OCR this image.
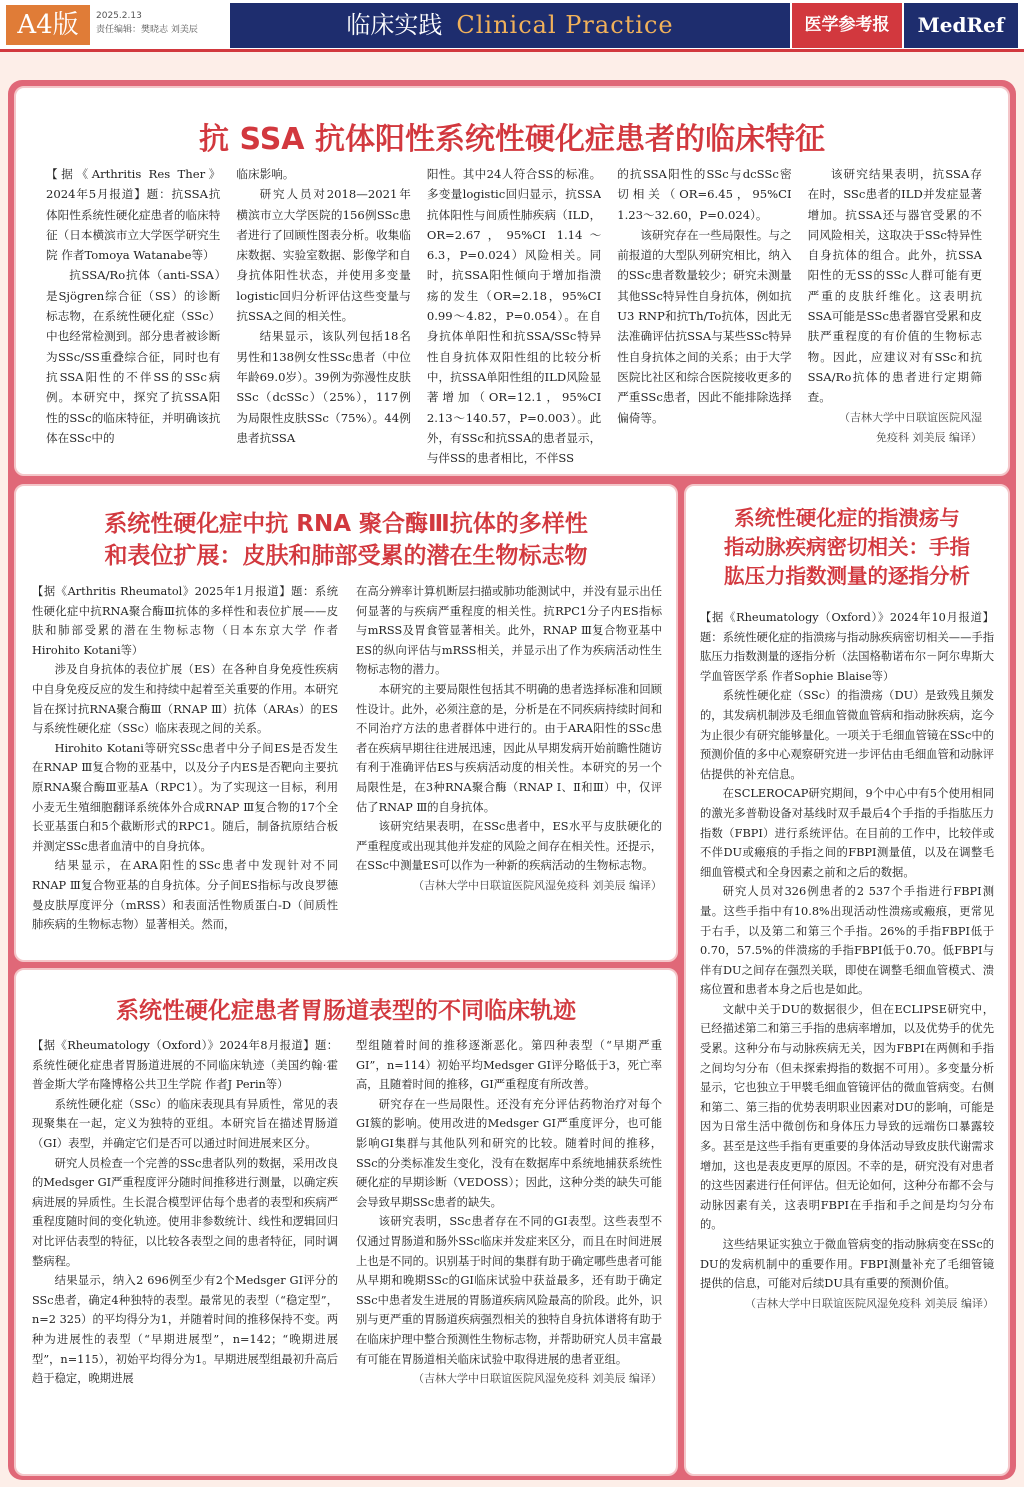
A4版	2025.2.13
责任编辑：樊晓志 刘美辰	临床实践 Clinical Practice	医学参考报	MedRef
抗 SSA 抗体阳性系统性硬化症患者的临床特征

【据《Arthritis Res Ther》2024年5月报道】题：抗SSA抗体阳性系统性硬化症患者的临床特征（日本横滨市立大学医学研究生院 作者Tomoya Watanabe等）

抗SSA/Ro抗体（anti-SSA）是Sjögren综合征（SS）的诊断标志物，在系统性硬化症（SSc）中也经常检测到。部分患者被诊断为SSc/SS重叠综合征，同时也有抗SSA阳性的不伴SS的SSc病例。本研究中，探究了抗SSA阳性的SSc的临床特征，并明确该抗体在SSc中的

临床影响。

研究人员对2018—2021年横滨市立大学医院的156例SSc患者进行了回顾性图表分析。收集临床数据、实验室数据、影像学和自身抗体阳性状态，并使用多变量logistic回归分析评估这些变量与抗SSA之间的相关性。

结果显示，该队列包括18名男性和138例女性SSc患者（中位年龄69.0岁）。39例为弥漫性皮肤SSc（dcSSc）（25%），117例为局限性皮肤SSc（75%）。44例患者抗SSA

阳性。其中24人符合SS的标准。多变量logistic回归显示，抗SSA抗体阳性与间质性肺疾病（ILD，OR=2.67，95%CI 1.14～6.3，P=0.024）风险相关。同时，抗SSA阳性倾向于增加指溃疡的发生（OR=2.18，95%CI 0.99～4.82，P=0.054）。在自身抗体单阳性和抗SSA/SSc特异性自身抗体双阳性组的比较分析中，抗SSA单阳性组的ILD风险显著增加（OR=12.1，95%CI 2.13～140.57，P=0.003）。此外，有SSc和抗SSA的患者显示，与伴SS的患者相比，不伴SS

的抗SSA阳性的SSc与dcSSc密切相关（OR=6.45，95%CI 1.23～32.60，P=0.024）。

该研究存在一些局限性。与之前报道的大型队列研究相比，纳入的SSc患者数量较少；研究未测量其他SSc特异性自身抗体，例如抗U3 RNP和抗Th/To抗体，因此无法准确评估抗SSA与某些SSc特异性自身抗体之间的关系；由于大学医院比社区和综合医院接收更多的严重SSc患者，因此不能排除选择偏倚等。

该研究结果表明，抗SSA存在时，SSc患者的ILD并发症显著增加。抗SSA还与器官受累的不同风险相关，这取决于SSc特异性自身抗体的组合。此外，抗SSA阳性的无SS的SSc人群可能有更严重的皮肤纤维化。这表明抗SSA可能是SSc患者器官受累和皮肤严重程度的有价值的生物标志物。因此，应建议对有SSc和抗SSA/Ro抗体的患者进行定期筛查。

（吉林大学中日联谊医院风湿免疫科 刘美辰 编译）

系统性硬化症中抗 RNA 聚合酶Ⅲ抗体的多样性
和表位扩展：皮肤和肺部受累的潜在生物标志物

【据《Arthritis Rheumatol》2025年1月报道】题：系统性硬化症中抗RNA聚合酶Ⅲ抗体的多样性和表位扩展——皮肤和肺部受累的潜在生物标志物（日本东京大学 作者Hirohito Kotani等）

涉及自身抗体的表位扩展（ES）在各种自身免疫性疾病中自身免疫反应的发生和持续中起着至关重要的作用。本研究旨在探讨抗RNA聚合酶Ⅲ（RNAP Ⅲ）抗体（ARAs）的ES与系统性硬化症（SSc）临床表现之间的关系。

Hirohito Kotani等研究SSc患者中分子间ES是否发生在RNAP Ⅲ复合物的亚基中，以及分子内ES是否靶向主要抗原RNA聚合酶Ⅲ亚基A（RPC1）。为了实现这一目标，利用小麦无生殖细胞翻译系统体外合成RNAP Ⅲ复合物的17个全长亚基蛋白和5个截断形式的RPC1。随后，制备抗原结合板并测定SSc患者血清中的自身抗体。

结果显示，在ARA阳性的SSc患者中发现针对不同RNAP Ⅲ复合物亚基的自身抗体。分子间ES指标与改良罗德曼皮肤厚度评分（mRSS）和表面活性物质蛋白-D（间质性肺疾病的生物标志物）显著相关。然而，

在高分辨率计算机断层扫描或肺功能测试中，并没有显示出任何显著的与疾病严重程度的相关性。抗RPC1分子内ES指标与mRSS及胃食管显著相关。此外，RNAP Ⅲ复合物亚基中ES的纵向评估与mRSS相关，并显示出了作为疾病活动性生物标志物的潜力。

本研究的主要局限性包括其不明确的患者选择标准和回顾性设计。此外，必须注意的是，分析是在不同疾病持续时间和不同治疗方法的患者群体中进行的。由于ARA阳性的SSc患者在疾病早期往往进展迅速，因此从早期发病开始前瞻性随访有利于准确评估ES与疾病活动度的相关性。本研究的另一个局限性是，在3种RNA聚合酶（RNAP Ⅰ、Ⅱ和Ⅲ）中，仅评估了RNAP Ⅲ的自身抗体。

该研究结果表明，在SSc患者中，ES水平与皮肤硬化的严重程度或出现其他并发症的风险之间存在相关性。还提示，在SSc中测量ES可以作为一种新的疾病活动的生物标志物。

（吉林大学中日联谊医院风湿免疫科 刘美辰 编译）

系统性硬化症的指溃疡与
指动脉疾病密切相关：手指
肱压力指数测量的逐指分析

【据《Rheumatology（Oxford）》2024年10月报道】题：系统性硬化症的指溃疡与指动脉疾病密切相关——手指肱压力指数测量的逐指分析（法国格勒诺布尔－阿尔卑斯大学血管医学系 作者Sophie Blaise等）

系统性硬化症（SSc）的指溃疡（DU）是致残且频发的，其发病机制涉及毛细血管微血管病和指动脉疾病，迄今为止很少有研究能够量化。一项关于毛细血管镜在SSc中的预测价值的多中心观察研究进一步评估由毛细血管和动脉评估提供的补充信息。

在SCLEROCAP研究期间，9个中心中有5个使用相同的激光多普勒设备对基线时双手最后4个手指的手指肱压力指数（FBPI）进行系统评估。在目前的工作中，比较伴或不伴DU或瘢痕的手指之间的FBPI测量值，以及在调整毛细血管模式和全身因素之前和之后的数据。

研究人员对326例患者的2 537个手指进行FBPI测量。这些手指中有10.8%出现活动性溃疡或瘢痕，更常见于右手，以及第二和第三个手指。26%的手指FBPI低于0.70，57.5%的伴溃疡的手指FBPI低于0.70。低FBPI与伴有DU之间存在强烈关联，即使在调整毛细血管模式、溃疡位置和患者本身之后也是如此。

文献中关于DU的数据很少，但在ECLIPSE研究中，已经描述第二和第三手指的患病率增加，以及优势手的优先受累。这种分布与动脉疾病无关，因为FBPI在两侧和手指之间均匀分布（但未探索拇指的数据不可用）。多变量分析显示，它也独立于甲襞毛细血管镜评估的微血管病变。右侧和第二、第三指的优势表明职业因素对DU的影响，可能是因为日常生活中微创伤和身体压力导致的远端伤口暴露较多。甚至是这些手指有更重要的身体活动导致皮肤代谢需求增加，这也是表皮更厚的原因。不幸的是，研究没有对患者的这些因素进行任何评估。但无论如何，这种分布都不会与动脉因素有关，这表明FBPI在手指和手之间是均匀分布的。

这些结果证实独立于微血管病变的指动脉病变在SSc的DU的发病机制中的重要作用。FBPI测量补充了毛细管镜提供的信息，可能对后续DU具有重要的预测价值。

（吉林大学中日联谊医院风湿免疫科 刘美辰 编译）

系统性硬化症患者胃肠道表型的不同临床轨迹

【据《Rheumatology（Oxford）》2024年8月报道】题：系统性硬化症患者胃肠道进展的不同临床轨迹（美国约翰·霍普金斯大学布隆博格公共卫生学院 作者J Perin等）

系统性硬化症（SSc）的临床表现具有异质性，常见的表现聚集在一起，定义为独特的亚组。本研究旨在描述胃肠道（GI）表型，并确定它们是否可以通过时间进展来区分。

研究人员检查一个完善的SSc患者队列的数据，采用改良的Medsger GI严重程度评分随时间推移进行测量，以确定疾病进展的异质性。生长混合模型评估每个患者的表型和疾病严重程度随时间的变化轨迹。使用非参数统计、线性和逻辑回归对比评估表型的特征，以比较各表型之间的患者特征，同时调整病程。

结果显示，纳入2 696例至少有2个Medsger GI评分的SSc患者，确定4种独特的表型。最常见的表型（“稳定型”，n=2 325）的平均得分为1，并随着时间的推移保持不变。两种为进展性的表型（“早期进展型”，n=142；“晚期进展型”，n=115），初始平均得分为1。早期进展型组最初升高后趋于稳定，晚期进展

型组随着时间的推移逐渐恶化。第四种表型（“早期严重GI”，n=114）初始平均Medsger GI评分略低于3，死亡率高，且随着时间的推移，GI严重程度有所改善。

研究存在一些局限性。还没有充分评估药物治疗对每个GI簇的影响。使用改进的Medsger GI严重度评分，也可能影响GI集群与其他队列和研究的比较。随着时间的推移，SSc的分类标准发生变化，没有在数据库中系统地捕获系统性硬化症的早期诊断（VEDOSS）；因此，这种分类的缺失可能会导致早期SSc患者的缺失。

该研究表明，SSc患者存在不同的GI表型。这些表型不仅通过胃肠道和肠外SSc临床并发症来区分，而且在时间进展上也是不同的。识别基于时间的集群有助于确定哪些患者可能从早期和晚期SSc的GI临床试验中获益最多，还有助于确定SSc中患者发生进展的胃肠道疾病风险最高的阶段。此外，识别与更严重的胃肠道疾病强烈相关的独特自身抗体谱将有助于在临床护理中整合预测性生物标志物，并帮助研究人员丰富最有可能在胃肠道相关临床试验中取得进展的患者亚组。

（吉林大学中日联谊医院风湿免疫科 刘美辰 编译）
